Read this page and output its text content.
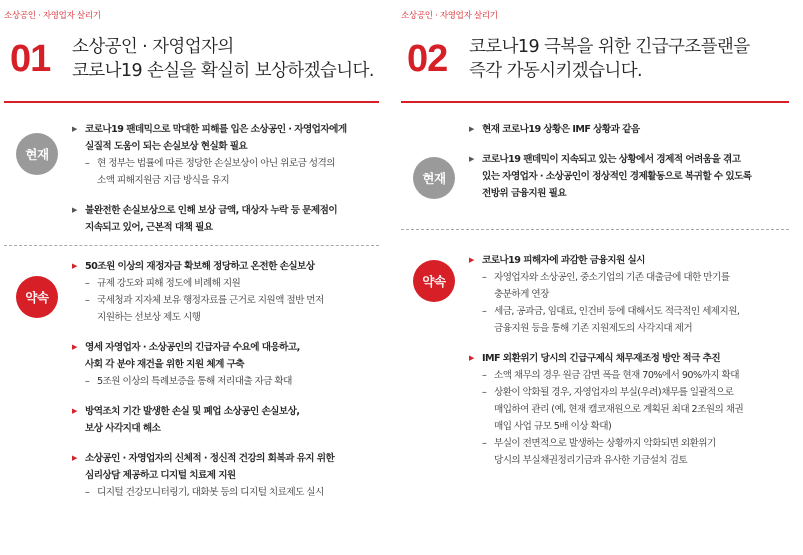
소상공인 · 자영업자 살리기
01	소상공인 · 자영업자의
코로나19 손실을 확실히 보상하겠습니다.
현재
▶ 코로나19 팬데믹으로 막대한 피해를 입은 소상공인 · 자영업자에게
실질적 도움이 되는 손실보상 현실화 필요
– 현 정부는 법률에 따른 정당한 손실보상이 아닌 위로금 성격의
소액 피해지원금 지급 방식을 유지
▶ 불완전한 손실보상으로 인해 보상 금액, 대상자 누락 등 문제점이
지속되고 있어, 근본적 대책 필요
약속
▶ 50조원 이상의 재정자금 확보해 정당하고 온전한 손실보상
– 규제 강도와 피해 정도에 비례해 지원
– 국세청과 지자체 보유 행정자료를 근거로 지원액 절반 먼저
지원하는 선보상 제도 시행
▶ 영세 자영업자 · 소상공인의 긴급자금 수요에 대응하고,
사회 각 분야 재건을 위한 지원 체계 구축
– 5조원 이상의 특례보증을 통해 저리대출 자금 확대
▶ 방역조치 기간 발생한 손실 및 폐업 소상공인 손실보상,
보상 사각지대 해소
▶ 소상공인 · 자영업자의 신체적 · 정신적 건강의 회복과 유지 위한
심리상담 제공하고 디지털 치료제 지원
– 디지털 건강모니터링기, 대화봇 등의 디지털 치료제도 실시
소상공인 · 자영업자 살리기
02	코로나19 극복을 위한 긴급구조플랜을
즉각 가동시키겠습니다.
현재
▶ 현재 코로나19 상황은 IMF 상황과 같음
▶ 코로나19 팬데믹이 지속되고 있는 상황에서 경제적 어려움을 겪고
있는 자영업자 · 소상공인이 정상적인 경제활동으로 복귀할 수 있도록
전방위 금융지원 필요
약속
▶ 코로나19 피해자에 과감한 금융지원 실시
– 자영업자와 소상공인, 중소기업의 기존 대출금에 대한 만기를
충분하게 연장
– 세금, 공과금, 임대료, 인건비 등에 대해서도 적극적인 세제지원,
금융지원 등을 통해 기존 지원제도의 사각지대 제거
▶ IMF 외환위기 당시의 긴급구제식 채무재조정 방안 적극 추진
– 소액 채무의 경우 원금 감면 폭을 현재 70%에서 90%까지 확대
– 상환이 악화될 경우, 자영업자의 부실(우려)채무를 일괄적으로
매입하여 관리 (예, 현재 캠코재원으로 계획된 최대 2조원의 채권
매입 사업 규모 5배 이상 확대)
– 부실이 전면적으로 발생하는 상황까지 악화되면 외환위기
당시의 부실채권정리기금과 유사한 기금설치 검토
